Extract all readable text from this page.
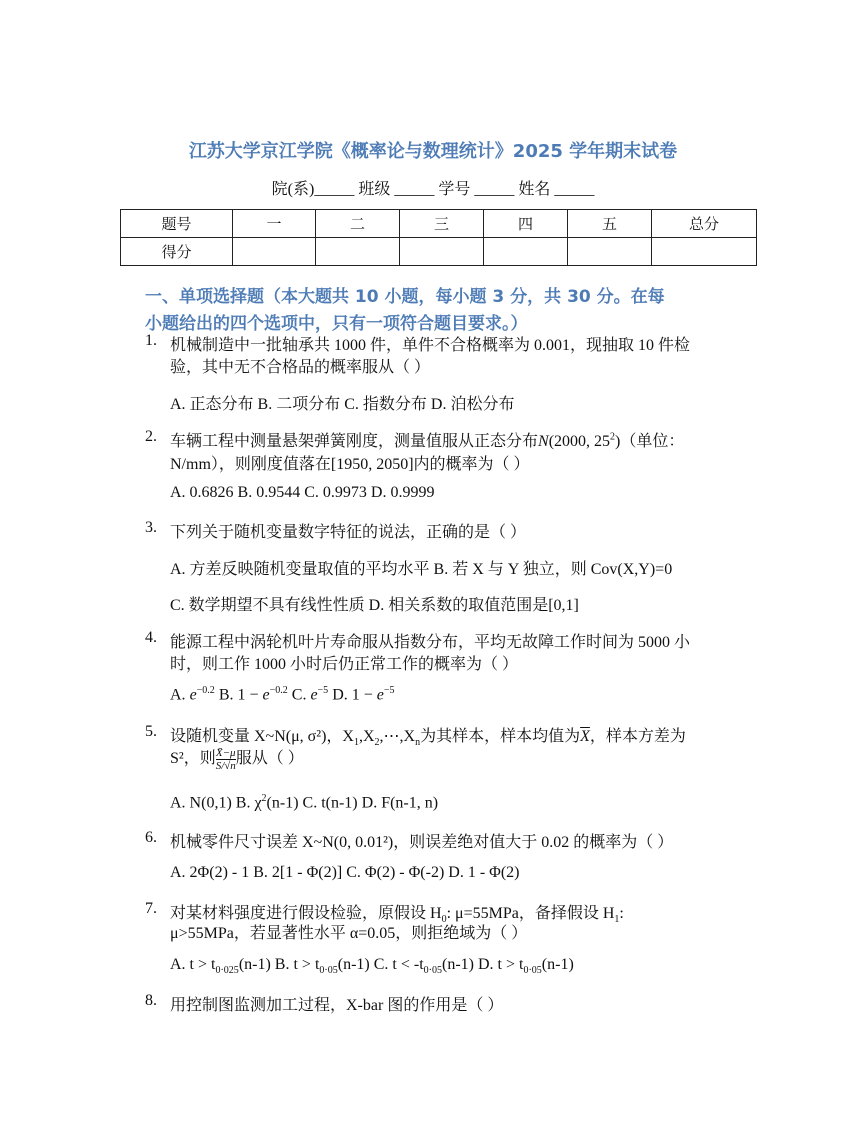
江苏大学京江学院《概率论与数理统计》2025 学年期末试卷
院(系)_____ 班级 _____ 学号 _____ 姓名 _____
题号	一	二	三	四	五	总分
得分						
一、单项选择题（本大题共 10 小题，每小题 3 分，共 30 分。在每
小题给出的四个选项中，只有一项符合题目要求。）
1. 机械制造中一批轴承共 1000 件，单件不合格概率为 0.001，现抽取 10 件检
验，其中无不合格品的概率服从（ ）
A. 正态分布 B. 二项分布 C. 指数分布 D. 泊松分布
2. 车辆工程中测量悬架弹簧刚度，测量值服从正态分布N(2000, $25^2$)（单位：
N/mm），则刚度值落在[1950, 2050]内的概率为（ ）
A. 0.6826 B. 0.9544 C. 0.9973 D. 0.9999
3. 下列关于随机变量数字特征的说法，正确的是（ ）
A. 方差反映随机变量取值的平均水平 B. 若 X 与 Y 独立，则 Cov(X,Y)=0
C. 数学期望不具有线性性质 D. 相关系数的取值范围是[0,1]
4. 能源工程中涡轮机叶片寿命服从指数分布，平均无故障工作时间为 5000 小
时，则工作 1000 小时后仍正常工作的概率为（ ）
A. $e^{-0.2}$ B. $1 - e^{-0.2}$ C. $e^{-5}$ D. $1 - e^{-5}$
5. 设随机变量 X~N(μ, σ²)，$X_1,X_2,\cdots,X_n$为其样本，样本均值为$\overline{X}$，样本方差为
S²，则 $\frac{X̄-\mu}{S/√n}$ 服从（ ）
A. N(0,1) B. $\chi^2(n-1)$ C. t(n-1) D. F(n-1, n)
6. 机械零件尺寸误差 X~N(0, 0.01²)，则误差绝对值大于 0.02 的概率为（ ）
A. 2Φ(2) - 1 B. 2[1 - Φ(2)] C. Φ(2) - Φ(-2) D. 1 - Φ(2)
7. 对某材料强度进行假设检验，原假设 $H_0$: μ=55MPa，备择假设 $H_1$:
μ>55MPa，若显著性水平 α=0.05，则拒绝域为（ ）
A. $t > t_{0\cdot 025}(n-1)$ B. $t > t_{0\cdot 05}(n-1)$ C. $t < -t_{0\cdot 05}(n-1)$ D. $t > t_{0\cdot 05}(n-1)$
8. 用控制图监测加工过程，X-bar 图的作用是（ ）
